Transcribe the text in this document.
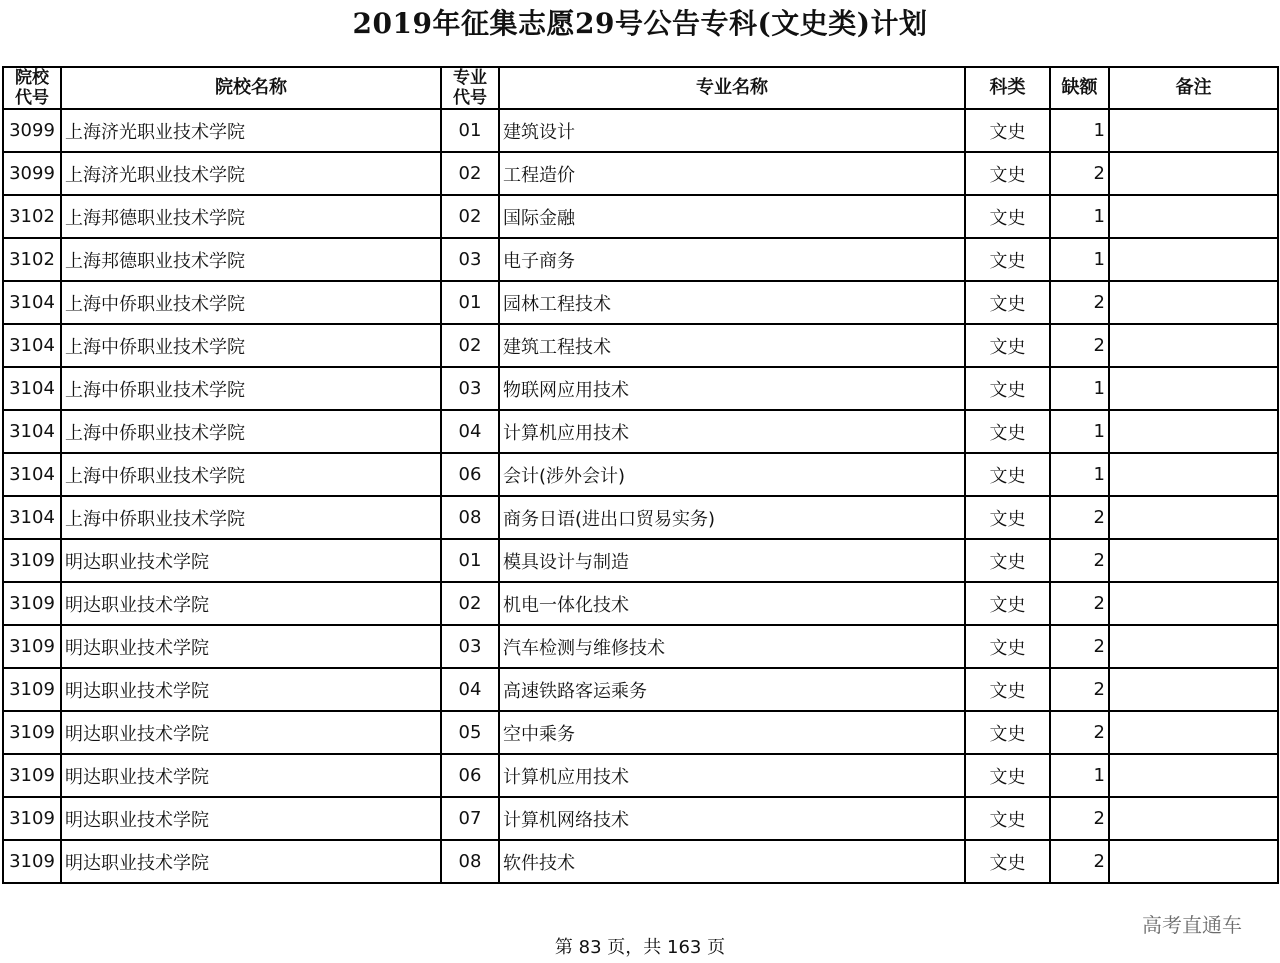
2019年征集志愿29号公告专科(文史类)计划
院校代号	院校名称	专业代号	专业名称	科类	缺额	备注
3099	上海济光职业技术学院	01	建筑设计	文史	1	
3099	上海济光职业技术学院	02	工程造价	文史	2	
3102	上海邦德职业技术学院	02	国际金融	文史	1	
3102	上海邦德职业技术学院	03	电子商务	文史	1	
3104	上海中侨职业技术学院	01	园林工程技术	文史	2	
3104	上海中侨职业技术学院	02	建筑工程技术	文史	2	
3104	上海中侨职业技术学院	03	物联网应用技术	文史	1	
3104	上海中侨职业技术学院	04	计算机应用技术	文史	1	
3104	上海中侨职业技术学院	06	会计(涉外会计)	文史	1	
3104	上海中侨职业技术学院	08	商务日语(进出口贸易实务)	文史	2	
3109	明达职业技术学院	01	模具设计与制造	文史	2	
3109	明达职业技术学院	02	机电一体化技术	文史	2	
3109	明达职业技术学院	03	汽车检测与维修技术	文史	2	
3109	明达职业技术学院	04	高速铁路客运乘务	文史	2	
3109	明达职业技术学院	05	空中乘务	文史	2	
3109	明达职业技术学院	06	计算机应用技术	文史	1	
3109	明达职业技术学院	07	计算机网络技术	文史	2	
3109	明达职业技术学院	08	软件技术	文史	2	
高考直通车
第 83 页，共 163 页
